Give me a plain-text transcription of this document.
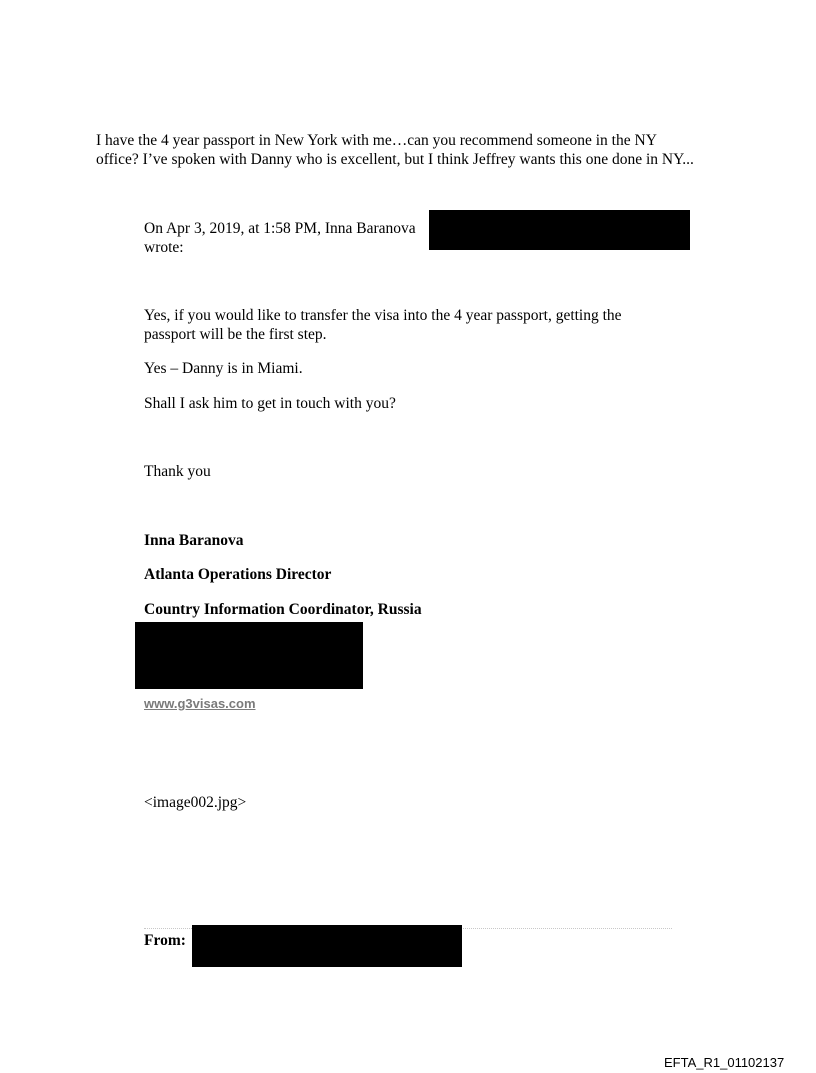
I have the 4 year passport in New York with me…can you recommend someone in the NY
office? I’ve spoken with Danny who is excellent, but I think Jeffrey wants this one done in NY...
On Apr 3, 2019, at 1:58 PM, Inna Baranova
wrote:
Yes, if you would like to transfer the visa into the 4 year passport, getting the
passport will be the first step.
Yes – Danny is in Miami.
Shall I ask him to get in touch with you?
Thank you
Inna Baranova
Atlanta Operations Director
Country Information Coordinator, Russia
www.g3visas.com
<image002.jpg>
From:
EFTA_R1_01102137
